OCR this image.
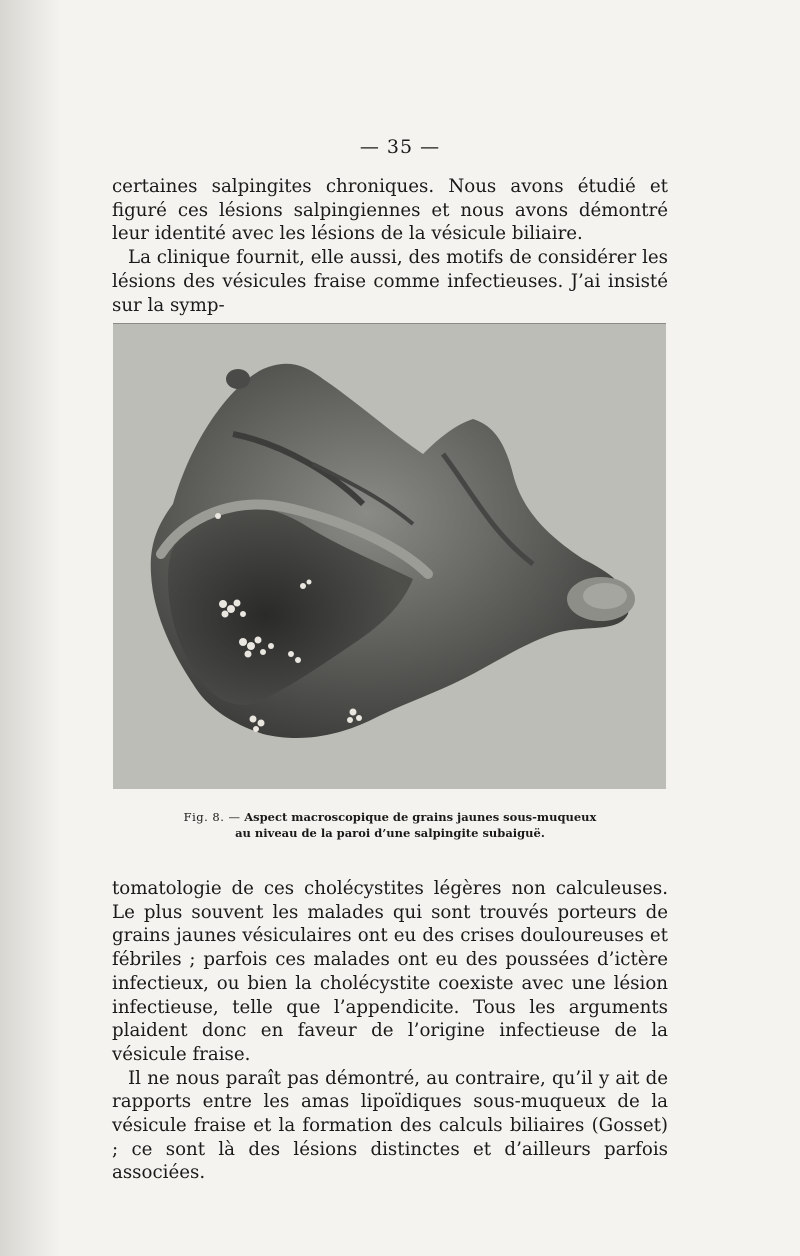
— 35 —

certaines salpingites chroniques. Nous avons étudié et figuré ces lésions salpingiennes et nous avons démontré leur identité avec les lésions de la vésicule biliaire.

La clinique fournit, elle aussi, des motifs de considérer les lésions des vésicules fraise comme infectieuses. J’ai insisté sur la symp-

Fig. 8. — Aspect macroscopique de grains jaunes sous-muqueux
au niveau de la paroi d’une salpingite subaiguë.

tomatologie de ces cholécystites légères non calculeuses. Le plus souvent les malades qui sont trouvés porteurs de grains jaunes vésiculaires ont eu des crises douloureuses et fébriles ; parfois ces malades ont eu des poussées d’ictère infectieux, ou bien la cholécystite coexiste avec une lésion infectieuse, telle que l’appendicite. Tous les arguments plaident donc en faveur de l’origine infectieuse de la vésicule fraise.

Il ne nous paraît pas démontré, au contraire, qu’il y ait de rapports entre les amas lipoïdiques sous-muqueux de la vésicule fraise et la formation des calculs biliaires (Gosset) ; ce sont là des lésions distinctes et d’ailleurs parfois associées.
